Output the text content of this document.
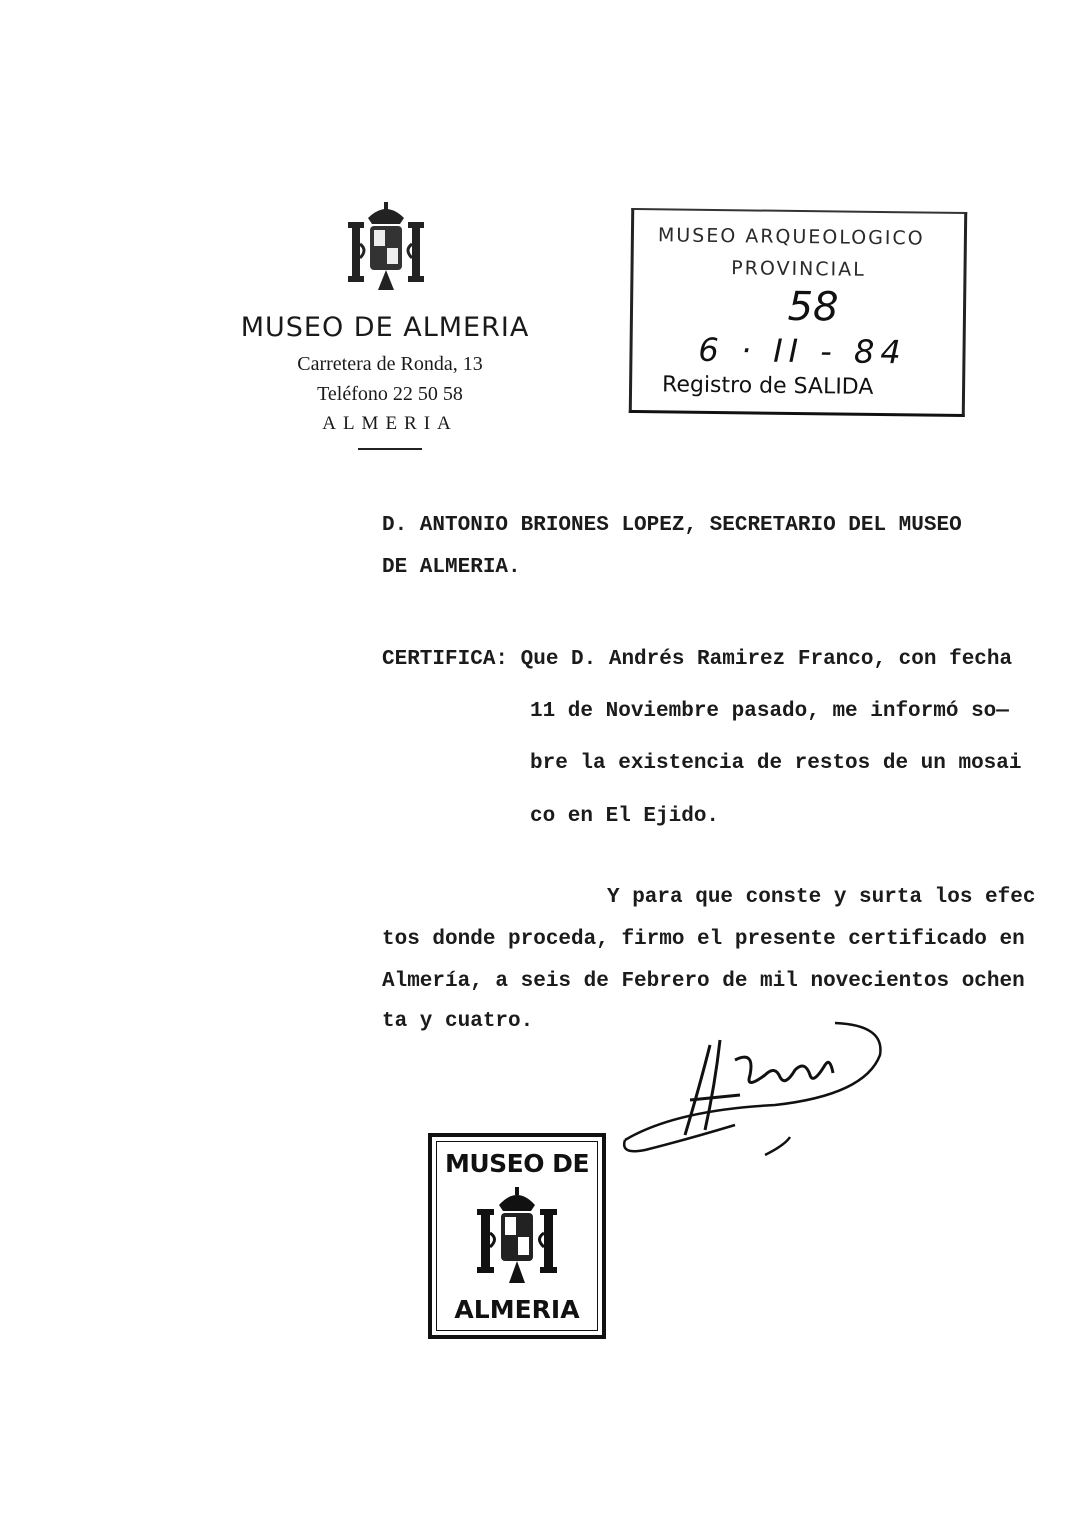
MUSEO DE ALMERIA
Carretera de Ronda, 13
Teléfono 22 50 58
ALMERIA
MUSEO ARQUEOLOGICO
PROVINCIAL
58
6 · II - 84
Registro de SALIDA
D. ANTONIO BRIONES LOPEZ, SECRETARIO DEL MUSEO
DE ALMERIA.
CERTIFICA: Que D. Andrés Ramirez Franco, con fecha
11 de Noviembre pasado, me informó so—
bre la existencia de restos de un mosai
co en El Ejido.
Y para que conste y surta los efec
tos donde proceda, firmo el presente certificado en
Almería, a seis de Febrero de mil novecientos ochen
ta y cuatro.
MUSEO DE
ALMERIA
